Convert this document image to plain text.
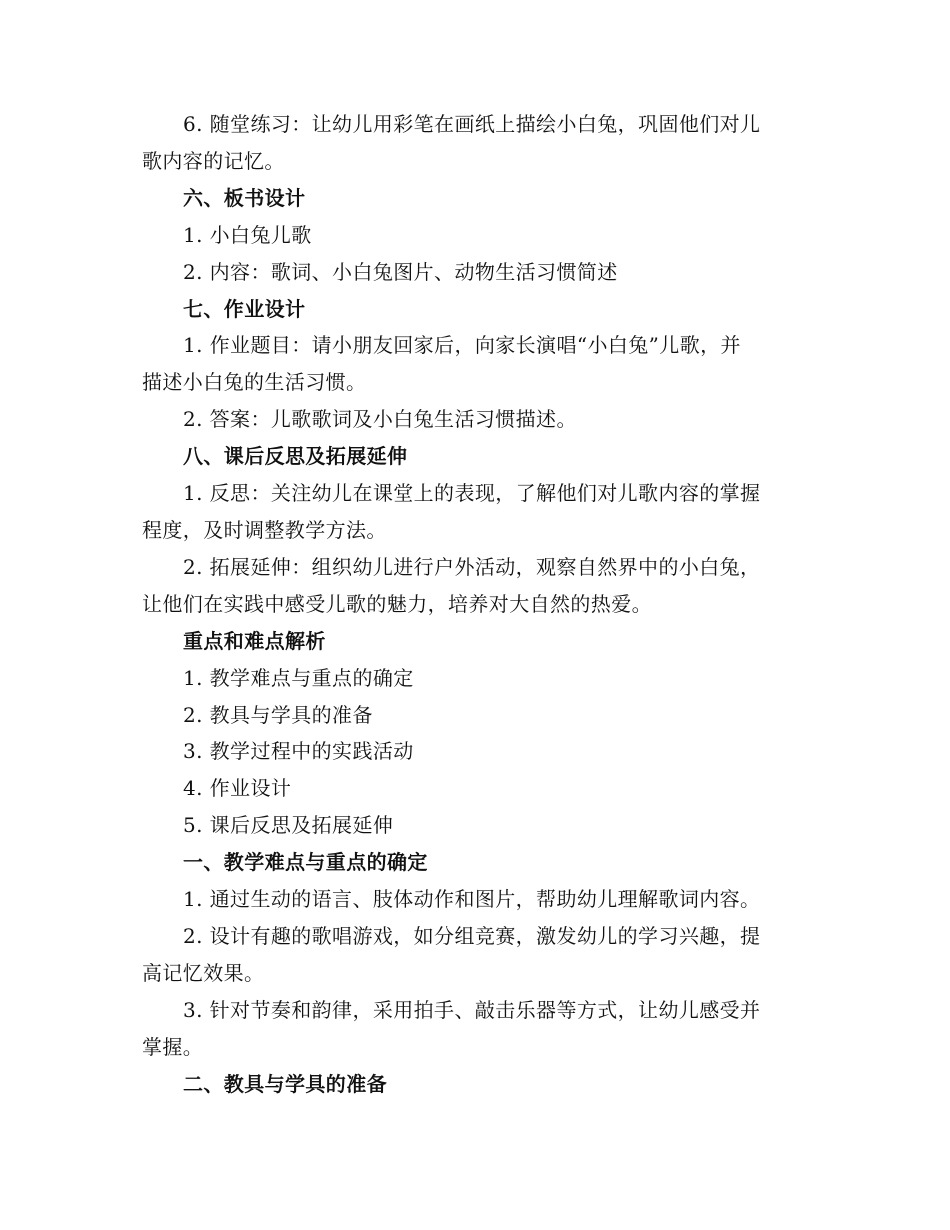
6. 随堂练习：让幼儿用彩笔在画纸上描绘小白兔，巩固他们对儿

歌内容的记忆。

六、板书设计

1. 小白兔儿歌

2. 内容：歌词、小白兔图片、动物生活习惯简述

七、作业设计

1. 作业题目：请小朋友回家后，向家长演唱“小白兔”儿歌，并

描述小白兔的生活习惯。

2. 答案：儿歌歌词及小白兔生活习惯描述。

八、课后反思及拓展延伸

1. 反思：关注幼儿在课堂上的表现，了解他们对儿歌内容的掌握

程度，及时调整教学方法。

2. 拓展延伸：组织幼儿进行户外活动，观察自然界中的小白兔，

让他们在实践中感受儿歌的魅力，培养对大自然的热爱。

重点和难点解析

1. 教学难点与重点的确定

2. 教具与学具的准备

3. 教学过程中的实践活动

4. 作业设计

5. 课后反思及拓展延伸

一、教学难点与重点的确定

1. 通过生动的语言、肢体动作和图片，帮助幼儿理解歌词内容。

2. 设计有趣的歌唱游戏，如分组竞赛，激发幼儿的学习兴趣，提

高记忆效果。

3. 针对节奏和韵律，采用拍手、敲击乐器等方式，让幼儿感受并

掌握。

二、教具与学具的准备
